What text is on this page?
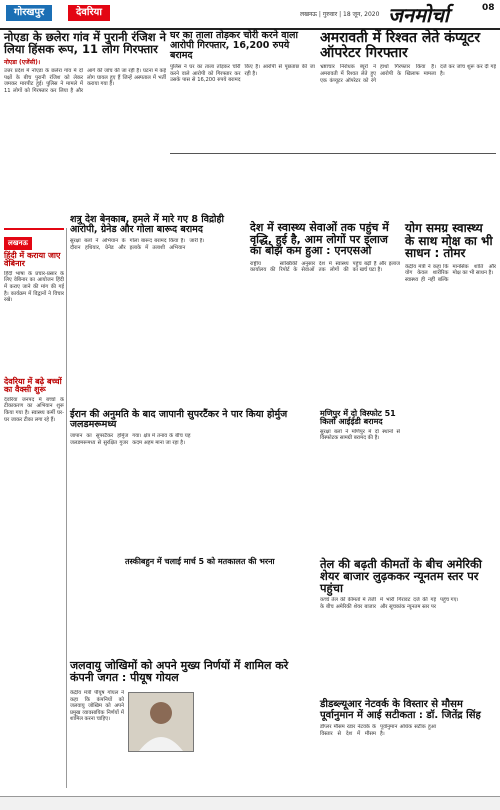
गोरखपुर	देवरिया	लखनऊ | गुरुवार | 18 जून, 2020 जनमोर्चा	08
नोएडा के छलेरा गांव में पुरानी रंजिश ने लिया हिंसक रूप, 11 लोग गिरफ्तार
नोएडा (एजेंसी)।
उत्तर प्रदेश में नोएडा के छलेरा गांव में दो पक्षों के बीच पुरानी रंजिश को लेकर जमकर मारपीट हुई। पुलिस ने मामले में 11 लोगों को गिरफ्तार कर लिया है और आगे की जांच की जा रही है। घटना में कई लोग घायल हुए हैं जिन्हें अस्पताल में भर्ती कराया गया है।
घर का ताला तोड़कर चोरी करने वाला आरोपी गिरफ्तार, 16,200 रुपये बरामद
पुलिस ने घर का ताला तोड़कर चोरी करने वाले आरोपी को गिरफ्तार कर उसके पास से 16,200 रुपये बरामद किए हैं। आरोपी से पूछताछ की जा रही है।
अमरावती में रिश्वत लेते कंप्यूटर ऑपरेटर गिरफ्तार
भ्रष्टाचार निरोधक ब्यूरो ने अमरावती में रिश्वत लेते हुए एक कंप्यूटर ऑपरेटर को रंगे हाथों गिरफ्तार किया है। आरोपी के खिलाफ मामला दर्ज कर जांच शुरू कर दी गई है।
लखनऊ
हिंदी में कराया जाए वेबिनार
हिंदी भाषा के प्रचार-प्रसार के लिए वेबिनार का आयोजन हिंदी में कराए जाने की मांग की गई है। कार्यक्रम में विद्वानों ने विचार रखे।
देवरिया में बढ़े बच्चों का वैक्सी शुरू
देवरिया जनपद में बच्चों के टीकाकरण का अभियान शुरू किया गया है। स्वास्थ्य कर्मी घर-घर जाकर टीका लगा रहे हैं।
शत्रु देश बेनकाब, हमले में मारे गए 8 विद्रोही आरोपी, ग्रेनेड और गोला बारूद बरामद
सुरक्षा बलों ने अभियान के दौरान हथियार, ग्रेनेड और गोला बारूद बरामद किया है। इलाके में तलाशी अभियान जारी है।
देश में स्वास्थ्य सेवाओं तक पहुंच में वृद्धि, हुई है, आम लोगों पर इलाज का बोझ कम हुआ : एनएसओ
राष्ट्रीय सांख्यिकी कार्यालय की रिपोर्ट के अनुसार देश में स्वास्थ्य सेवाओं तक लोगों की पहुंच बढ़ी है और इलाज का खर्च घटा है।
योग समग्र स्वास्थ्य के साथ मोक्ष का भी साधन : तोमर
केंद्रीय मंत्री ने कहा कि योग केवल शारीरिक स्वास्थ्य ही नहीं बल्कि मानसिक शांति और मोक्ष का भी साधन है।
मणिपुर में दो विस्फोट 51 किलो आईईडी बरामद
सुरक्षा बलों ने मणिपुर में दो स्थानों से विस्फोटक सामग्री बरामद की है।
ईरान की अनुमति के बाद जापानी सुपरटैंकर ने पार किया होर्मुज जलडमरूमध्य
जापान का सुपरटैंकर होर्मुज जलडमरूमध्य से सुरक्षित गुजर गया। क्षेत्र में तनाव के बीच यह कदम अहम माना जा रहा है।
तस्कीबहुन में चलाई मार्च 5 को मतकालत की भरना	तेल की बढ़ती कीमतों के बीच अमेरिकी शेयर बाजार लुढ़ककर न्यूनतम स्तर पर पहुंचा
कच्चे तेल की कीमतों में तेजी के बीच अमेरिकी शेयर बाजार में भारी गिरावट दर्ज की गई और सूचकांक न्यूनतम स्तर पर पहुंच गए।
जलवायु जोखिमों को अपने मुख्य निर्णयों में शामिल करे कंपनी जगत : पीयूष गोयल
केंद्रीय मंत्री पीयूष गोयल ने कहा कि कंपनियों को जलवायु जोखिम को अपने प्रमुख व्यावसायिक निर्णयों में शामिल करना चाहिए।
डीडब्ल्यूआर नेटवर्क के विस्तार से मौसम पूर्वानुमान में आई सटीकता : डॉ. जितेंद्र सिंह
डॉप्लर मौसम रडार नेटवर्क के विस्तार से देश में मौसम पूर्वानुमान अधिक सटीक हुआ है।
